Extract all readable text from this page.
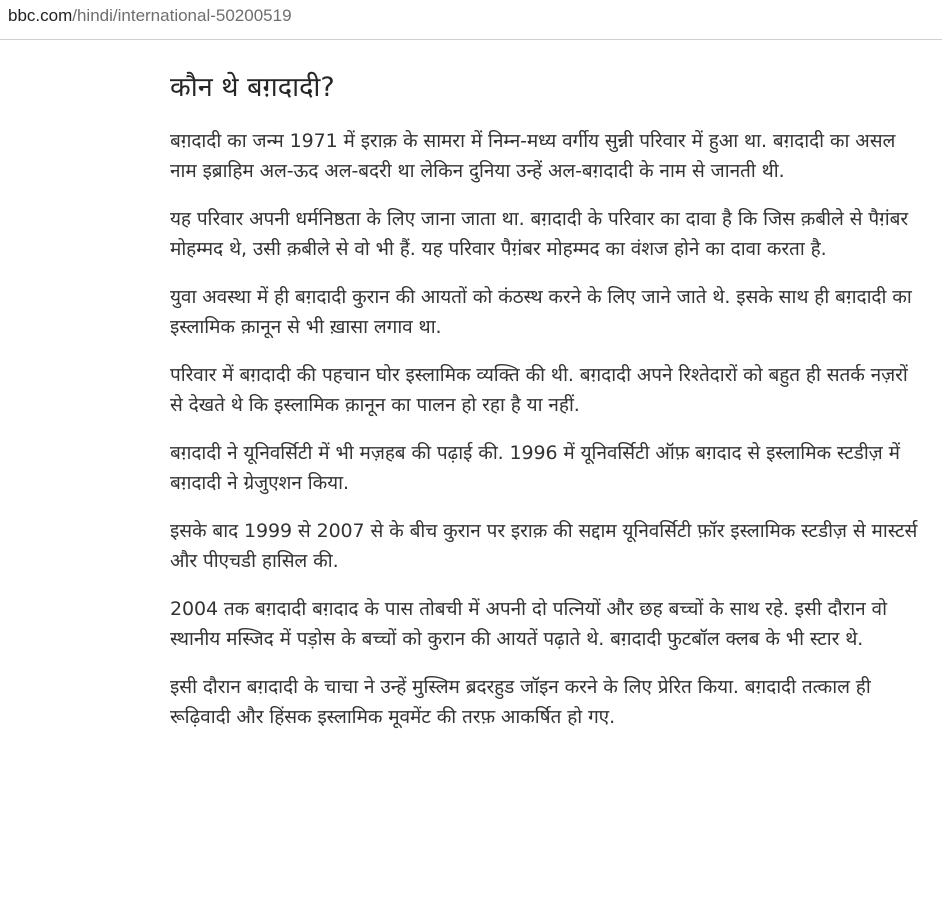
bbc.com/hindi/international-50200519
कौन थे बग़दादी?

बग़दादी का जन्म 1971 में इराक़ के सामरा में निम्न-मध्य वर्गीय सुन्नी परिवार में हुआ था. बग़दादी का असल नाम इब्राहिम अल-ऊद अल-बदरी था लेकिन दुनिया उन्हें अल-बग़दादी के नाम से जानती थी.

यह परिवार अपनी धर्मनिष्ठता के लिए जाना जाता था. बग़दादी के परिवार का दावा है कि जिस क़बीले से पैग़ंबर मोहम्मद थे, उसी क़बीले से वो भी हैं. यह परिवार पैग़ंबर मोहम्मद का वंशज होने का दावा करता है.

युवा अवस्था में ही बग़दादी कुरान की आयतों को कंठस्थ करने के लिए जाने जाते थे. इसके साथ ही बग़दादी का इस्लामिक क़ानून से भी ख़ासा लगाव था.

परिवार में बग़दादी की पहचान घोर इस्लामिक व्यक्ति की थी. बग़दादी अपने रिश्तेदारों को बहुत ही सतर्क नज़रों से देखते थे कि इस्लामिक क़ानून का पालन हो रहा है या नहीं.

बग़दादी ने यूनिवर्सिटी में भी मज़हब की पढ़ाई की. 1996 में यूनिवर्सिटी ऑफ़ बग़दाद से इस्लामिक स्टडीज़ में बग़दादी ने ग्रेजुएशन किया.

इसके बाद 1999 से 2007 से के बीच कुरान पर इराक़ की सद्दाम यूनिवर्सिटी फ़ॉर इस्लामिक स्टडीज़ से मास्टर्स और पीएचडी हासिल की.

2004 तक बग़दादी बग़दाद के पास तोबची में अपनी दो पत्नियों और छह बच्चों के साथ रहे. इसी दौरान वो स्थानीय मस्जिद में पड़ोस के बच्चों को कुरान की आयतें पढ़ाते थे. बग़दादी फुटबॉल क्लब के भी स्टार थे.

इसी दौरान बग़दादी के चाचा ने उन्हें मुस्लिम ब्रदरहुड जॉइन करने के लिए प्रेरित किया. बग़दादी तत्काल ही रूढ़िवादी और हिंसक इस्लामिक मूवमेंट की तरफ़ आकर्षित हो गए.
